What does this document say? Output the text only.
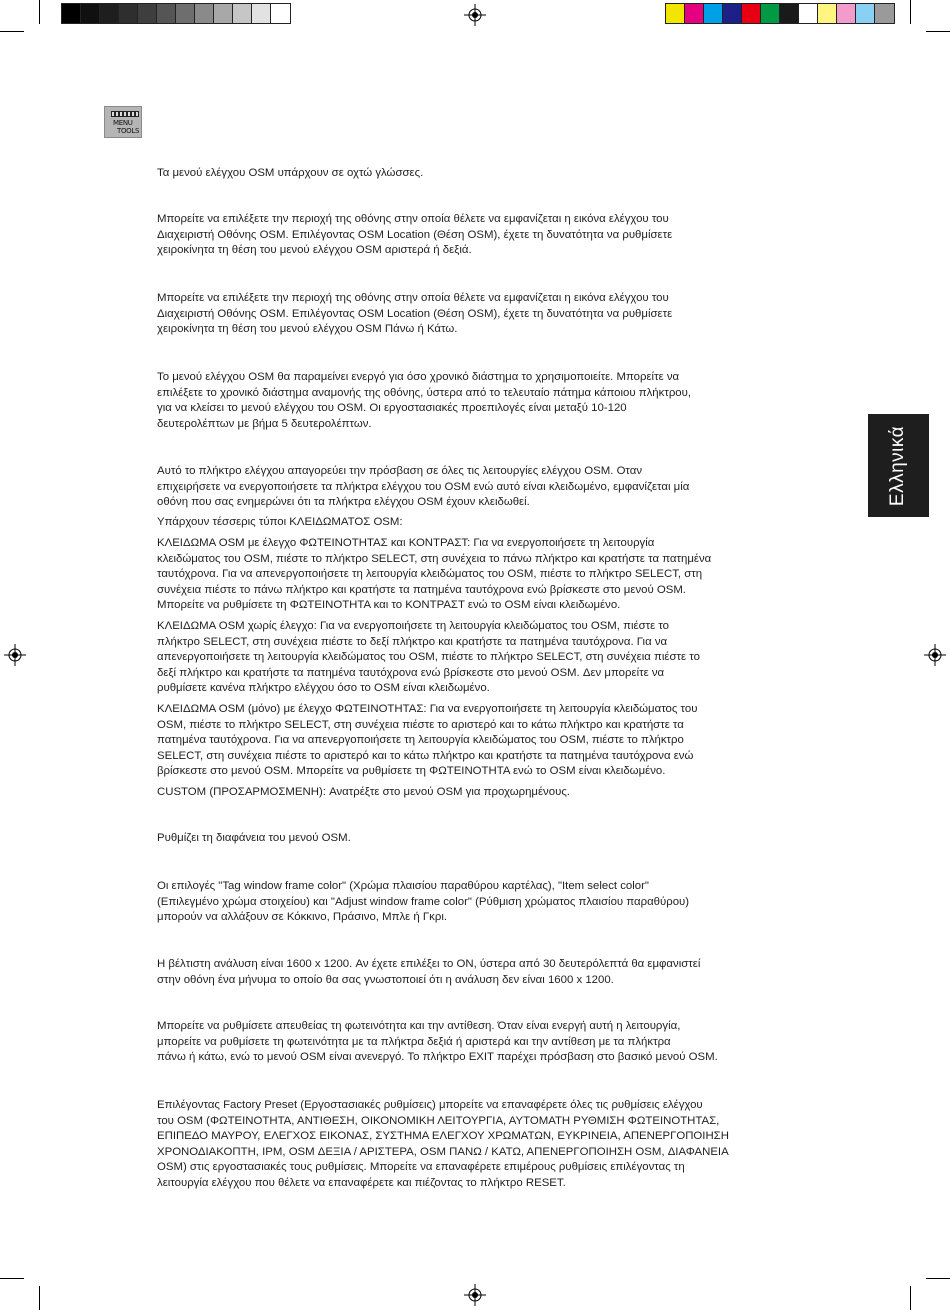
MENU
TOOLS
Ελληνικά

Τα μενού ελέγχου OSM υπάρχουν σε οχτώ γλώσσες.

Μπορείτε να επιλέξετε την περιοχή της οθόνης στην οποία θέλετε να εμφανίζεται η εικόνα ελέγχου του
Διαχειριστή Οθόνης OSM. Επιλέγοντας OSM Location (Θέση OSM), έχετε τη δυνατότητα να ρυθμίσετε
χειροκίνητα τη θέση του μενού ελέγχου OSM αριστερά ή δεξιά.

Μπορείτε να επιλέξετε την περιοχή της οθόνης στην οποία θέλετε να εμφανίζεται η εικόνα ελέγχου του
Διαχειριστή Οθόνης OSM. Επιλέγοντας OSM Location (Θέση OSM), έχετε τη δυνατότητα να ρυθμίσετε
χειροκίνητα τη θέση του μενού ελέγχου OSM Πάνω ή Κάτω.

Το μενού ελέγχου OSM θα παραμείνει ενεργό για όσο χρονικό διάστημα το χρησιμοποιείτε. Μπορείτε να
επιλέξετε το χρονικό διάστημα αναμονής της οθόνης, ύστερα από το τελευταίο πάτημα κάποιου πλήκτρου,
για να κλείσει το μενού ελέγχου του OSM. Οι εργοστασιακές προεπιλογές είναι μεταξύ 10-120
δευτερολέπτων με βήμα 5 δευτερολέπτων.

Αυτό το πλήκτρο ελέγχου απαγορεύει την πρόσβαση σε όλες τις λειτουργίες ελέγχου OSM. Οταν
επιχειρήσετε να ενεργοποιήσετε τα πλήκτρα ελέγχου του OSM ενώ αυτό είναι κλειδωμένο, εμφανίζεται μία
οθόνη που σας ενημερώνει ότι τα πλήκτρα ελέγχου OSM έχουν κλειδωθεί.

Υπάρχουν τέσσερις τύποι ΚΛΕΙΔΩΜΑΤΟΣ OSM:

ΚΛΕΙΔΩΜΑ OSM με έλεγχο ΦΩΤΕΙΝΟΤΗΤΑΣ και ΚΟΝΤΡΑΣΤ: Για να ενεργοποιήσετε τη λειτουργία
κλειδώματος του OSM, πιέστε το πλήκτρο SELECT, στη συνέχεια το πάνω πλήκτρο και κρατήστε τα πατημένα
ταυτόχρονα. Για να απενεργοποιήσετε τη λειτουργία κλειδώματος του OSM, πιέστε το πλήκτρο SELECT, στη
συνέχεια πιέστε το πάνω πλήκτρο και κρατήστε τα πατημένα ταυτόχρονα ενώ βρίσκεστε στο μενού OSM.
Μπορείτε να ρυθμίσετε τη ΦΩΤΕΙΝΟΤΗΤΑ και το ΚΟΝΤΡΑΣΤ ενώ το OSM είναι κλειδωμένο.

ΚΛΕΙΔΩΜΑ OSM χωρίς έλεγχο: Για να ενεργοποιήσετε τη λειτουργία κλειδώματος του OSM, πιέστε το
πλήκτρο SELECT, στη συνέχεια πιέστε το δεξί πλήκτρο και κρατήστε τα πατημένα ταυτόχρονα. Για να
απενεργοποιήσετε τη λειτουργία κλειδώματος του OSM, πιέστε το πλήκτρο SELECT, στη συνέχεια πιέστε το
δεξί πλήκτρο και κρατήστε τα πατημένα ταυτόχρονα ενώ βρίσκεστε στο μενού OSM. Δεν μπορείτε να
ρυθμίσετε κανένα πλήκτρο ελέγχου όσο το OSM είναι κλειδωμένο.

ΚΛΕΙΔΩΜΑ OSM (μόνο) με έλεγχο ΦΩΤΕΙΝΟΤΗΤΑΣ: Για να ενεργοποιήσετε τη λειτουργία κλειδώματος του
OSM, πιέστε το πλήκτρο SELECT, στη συνέχεια πιέστε το αριστερό και το κάτω πλήκτρο και κρατήστε τα
πατημένα ταυτόχρονα. Για να απενεργοποιήσετε τη λειτουργία κλειδώματος του OSM, πιέστε το πλήκτρο
SELECT, στη συνέχεια πιέστε το αριστερό και το κάτω πλήκτρο και κρατήστε τα πατημένα ταυτόχρονα ενώ
βρίσκεστε στο μενού OSM. Μπορείτε να ρυθμίσετε τη ΦΩΤΕΙΝΟΤΗΤΑ ενώ το OSM είναι κλειδωμένο.

CUSTOM (ΠΡΟΣΑΡΜΟΣΜΕΝΗ): Ανατρέξτε στο μενού OSM για προχωρημένους.

Ρυθμίζει τη διαφάνεια του μενού OSM.

Οι επιλογές "Tag window frame color" (Χρώμα πλαισίου παραθύρου καρτέλας), "Item select color"
(Επιλεγμένο χρώμα στοιχείου) και "Adjust window frame color" (Ρύθμιση χρώματος πλαισίου παραθύρου)
μπορούν να αλλάξουν σε Κόκκινο, Πράσινο, Μπλε ή Γκρι.

Η βέλτιστη ανάλυση είναι 1600 x 1200. Αν έχετε επιλέξει το ON, ύστερα από 30 δευτερόλεπτά θα εμφανιστεί
στην οθόνη ένα μήνυμα το οποίο θα σας γνωστοποιεί ότι η ανάλυση δεν είναι 1600 x 1200.

Μπορείτε να ρυθμίσετε απευθείας τη φωτεινότητα και την αντίθεση. Όταν είναι ενεργή αυτή η λειτουργία,
μπορείτε να ρυθμίσετε τη φωτεινότητα με τα πλήκτρα δεξιά ή αριστερά και την αντίθεση με τα πλήκτρα
πάνω ή κάτω, ενώ το μενού OSM είναι ανενεργό. Το πλήκτρο EXIT παρέχει πρόσβαση στο βασικό μενού OSM.

Επιλέγοντας Factory Preset (Εργοστασιακές ρυθμίσεις) μπορείτε να επαναφέρετε όλες τις ρυθμίσεις ελέγχου
του OSM (ΦΩΤΕΙΝΟΤΗΤΑ, ΑΝΤΙΘΕΣΗ, ΟΙΚΟΝΟΜΙΚΗ ΛΕΙΤΟΥΡΓΙΑ, ΑΥΤΟΜΑΤΗ ΡΥΘΜΙΣΗ ΦΩΤΕΙΝΟΤΗΤΑΣ,
ΕΠΙΠΕΔΟ ΜΑΥΡΟΥ, ΕΛΕΓΧΟΣ ΕΙΚΟΝΑΣ, ΣΥΣΤΗΜΑ ΕΛΕΓΧΟΥ ΧΡΩΜΑΤΩΝ, ΕΥΚΡΙΝΕΙΑ, ΑΠΕΝΕΡΓΟΠΟΙΗΣΗ
ΧΡΟΝΟΔΙΑΚΟΠΤΗ, IPM, OSM ΔΕΞΙΑ / ΑΡΙΣΤΕΡΑ, OSM ΠΑΝΩ / ΚΑΤΩ, ΑΠΕΝΕΡΓΟΠΟΙΗΣΗ OSM, ΔΙΑΦΑΝΕΙΑ
OSM) στις εργοστασιακές τους ρυθμίσεις. Μπορείτε να επαναφέρετε επιμέρους ρυθμίσεις επιλέγοντας τη
λειτουργία ελέγχου που θέλετε να επαναφέρετε και πιέζοντας το πλήκτρο RESET.
